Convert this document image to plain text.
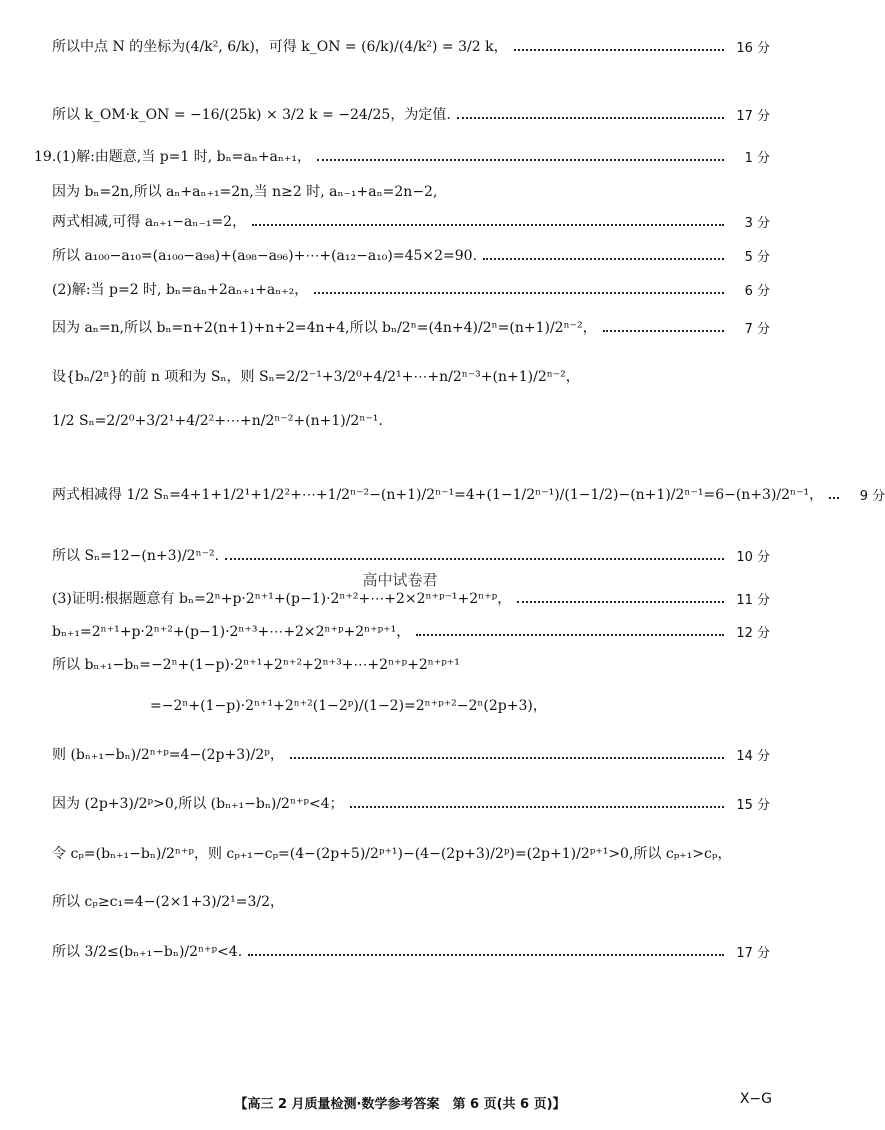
所以中点 N 的坐标为(4/k², 6/k)，可得 k_ON = (6/k)/(4/k²) = 3/2 k，	16 分
所以 k_OM·k_ON = −16/(25k) × 3/2 k = −24/25，为定值.	17 分
19.(1)解:由题意,当 p=1 时, bₙ=aₙ+aₙ₊₁，	1 分
因为 bₙ=2n,所以 aₙ+aₙ₊₁=2n,当 n≥2 时, aₙ₋₁+aₙ=2n−2,
两式相减,可得 aₙ₊₁−aₙ₋₁=2，	3 分
所以 a₁₀₀−a₁₀=(a₁₀₀−a₉₈)+(a₉₈−a₉₆)+⋯+(a₁₂−a₁₀)=45×2=90.	5 分
(2)解:当 p=2 时, bₙ=aₙ+2aₙ₊₁+aₙ₊₂，	6 分
因为 aₙ=n,所以 bₙ=n+2(n+1)+n+2=4n+4,所以 bₙ/2ⁿ=(4n+4)/2ⁿ=(n+1)/2ⁿ⁻²，	7 分
设{bₙ/2ⁿ}的前 n 项和为 Sₙ，则 Sₙ=2/2⁻¹+3/2⁰+4/2¹+⋯+n/2ⁿ⁻³+(n+1)/2ⁿ⁻²，
1/2 Sₙ=2/2⁰+3/2¹+4/2²+⋯+n/2ⁿ⁻²+(n+1)/2ⁿ⁻¹.
两式相减得 1/2 Sₙ=4+1+1/2¹+1/2²+⋯+1/2ⁿ⁻²−(n+1)/2ⁿ⁻¹=4+(1−1/2ⁿ⁻¹)/(1−1/2)−(n+1)/2ⁿ⁻¹=6−(n+3)/2ⁿ⁻¹，	9 分
所以 Sₙ=12−(n+3)/2ⁿ⁻².	10 分
高中试卷君
(3)证明:根据题意有 bₙ=2ⁿ+p·2ⁿ⁺¹+(p−1)·2ⁿ⁺²+⋯+2×2ⁿ⁺ᵖ⁻¹+2ⁿ⁺ᵖ，	11 分
bₙ₊₁=2ⁿ⁺¹+p·2ⁿ⁺²+(p−1)·2ⁿ⁺³+⋯+2×2ⁿ⁺ᵖ+2ⁿ⁺ᵖ⁺¹，	12 分
所以 bₙ₊₁−bₙ=−2ⁿ+(1−p)·2ⁿ⁺¹+2ⁿ⁺²+2ⁿ⁺³+⋯+2ⁿ⁺ᵖ+2ⁿ⁺ᵖ⁺¹
=−2ⁿ+(1−p)·2ⁿ⁺¹+2ⁿ⁺²(1−2ᵖ)/(1−2)=2ⁿ⁺ᵖ⁺²−2ⁿ(2p+3)，
则 (bₙ₊₁−bₙ)/2ⁿ⁺ᵖ=4−(2p+3)/2ᵖ，	14 分
因为 (2p+3)/2ᵖ>0,所以 (bₙ₊₁−bₙ)/2ⁿ⁺ᵖ<4；	15 分
令 cₚ=(bₙ₊₁−bₙ)/2ⁿ⁺ᵖ，则 cₚ₊₁−cₚ=(4−(2p+5)/2ᵖ⁺¹)−(4−(2p+3)/2ᵖ)=(2p+1)/2ᵖ⁺¹>0,所以 cₚ₊₁>cₚ，
所以 cₚ≥c₁=4−(2×1+3)/2¹=3/2，
所以 3/2≤(bₙ₊₁−bₙ)/2ⁿ⁺ᵖ<4.	17 分
【高三 2 月质量检测·数学参考答案　第 6 页(共 6 页)】	X−G
